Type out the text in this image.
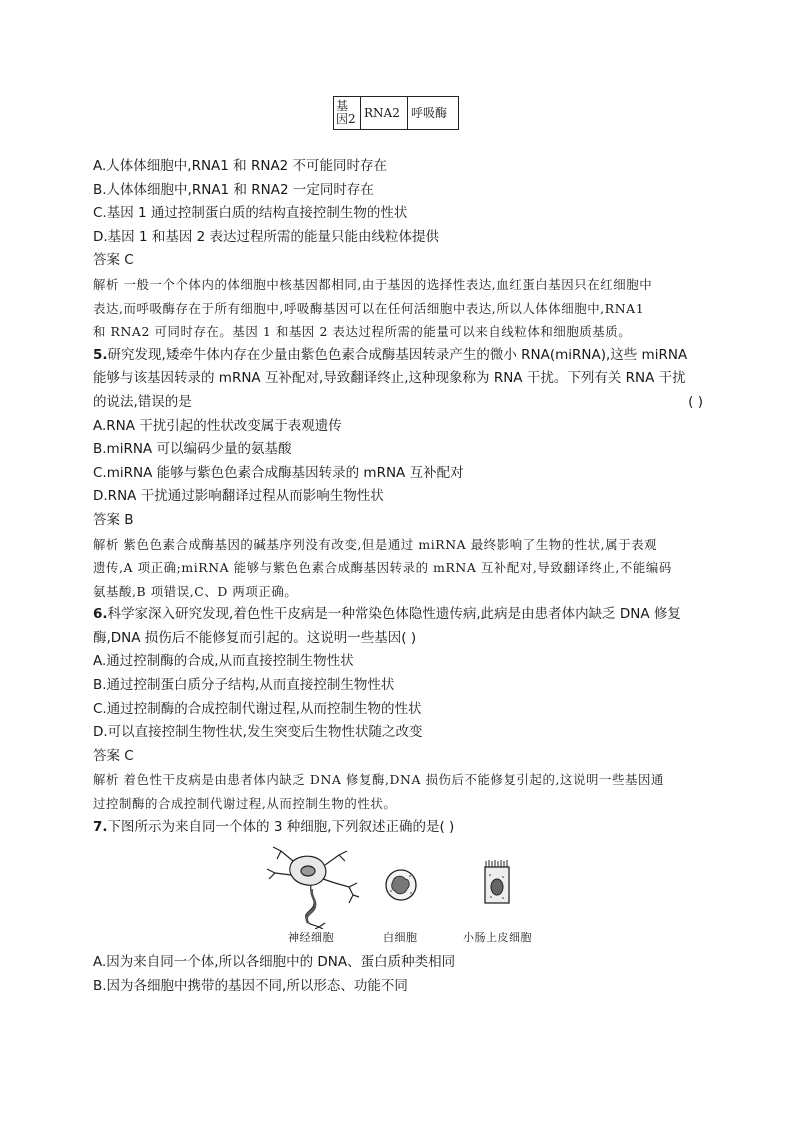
基因2	RNA2	呼吸酶
A.人体体细胞中,RNA1 和 RNA2 不可能同时存在
B.人体体细胞中,RNA1 和 RNA2 一定同时存在
C.基因 1 通过控制蛋白质的结构直接控制生物的性状
D.基因 1 和基因 2 表达过程所需的能量只能由线粒体提供
答案 C
解析 一般一个个体内的体细胞中核基因都相同,由于基因的选择性表达,血红蛋白基因只在红细胞中
表达,而呼吸酶存在于所有细胞中,呼吸酶基因可以在任何活细胞中表达,所以人体体细胞中,RNA1
和 RNA2 可同时存在。基因 1 和基因 2 表达过程所需的能量可以来自线粒体和细胞质基质。
5.研究发现,矮牵牛体内存在少量由紫色色素合成酶基因转录产生的微小 RNA(miRNA),这些 miRNA
能够与该基因转录的 mRNA 互补配对,导致翻译终止,这种现象称为 RNA 干扰。下列有关 RNA 干扰
的说法,错误的是	( )
A.RNA 干扰引起的性状改变属于表观遗传
B.miRNA 可以编码少量的氨基酸
C.miRNA 能够与紫色色素合成酶基因转录的 mRNA 互补配对
D.RNA 干扰通过影响翻译过程从而影响生物性状
答案 B
解析 紫色色素合成酶基因的碱基序列没有改变,但是通过 miRNA 最终影响了生物的性状,属于表观
遗传,A 项正确;miRNA 能够与紫色色素合成酶基因转录的 mRNA 互补配对,导致翻译终止,不能编码
氨基酸,B 项错误,C、D 两项正确。
6.科学家深入研究发现,着色性干皮病是一种常染色体隐性遗传病,此病是由患者体内缺乏 DNA 修复
酶,DNA 损伤后不能修复而引起的。这说明一些基因( )
A.通过控制酶的合成,从而直接控制生物性状
B.通过控制蛋白质分子结构,从而直接控制生物性状
C.通过控制酶的合成控制代谢过程,从而控制生物的性状
D.可以直接控制生物性状,发生突变后生物性状随之改变
答案 C
解析 着色性干皮病是由患者体内缺乏 DNA 修复酶,DNA 损伤后不能修复引起的,这说明一些基因通
过控制酶的合成控制代谢过程,从而控制生物的性状。
7.下图所示为来自同一个体的 3 种细胞,下列叙述正确的是( )
神经细胞	白细胞	小肠上皮细胞
A.因为来自同一个体,所以各细胞中的 DNA、蛋白质种类相同
B.因为各细胞中携带的基因不同,所以形态、功能不同
